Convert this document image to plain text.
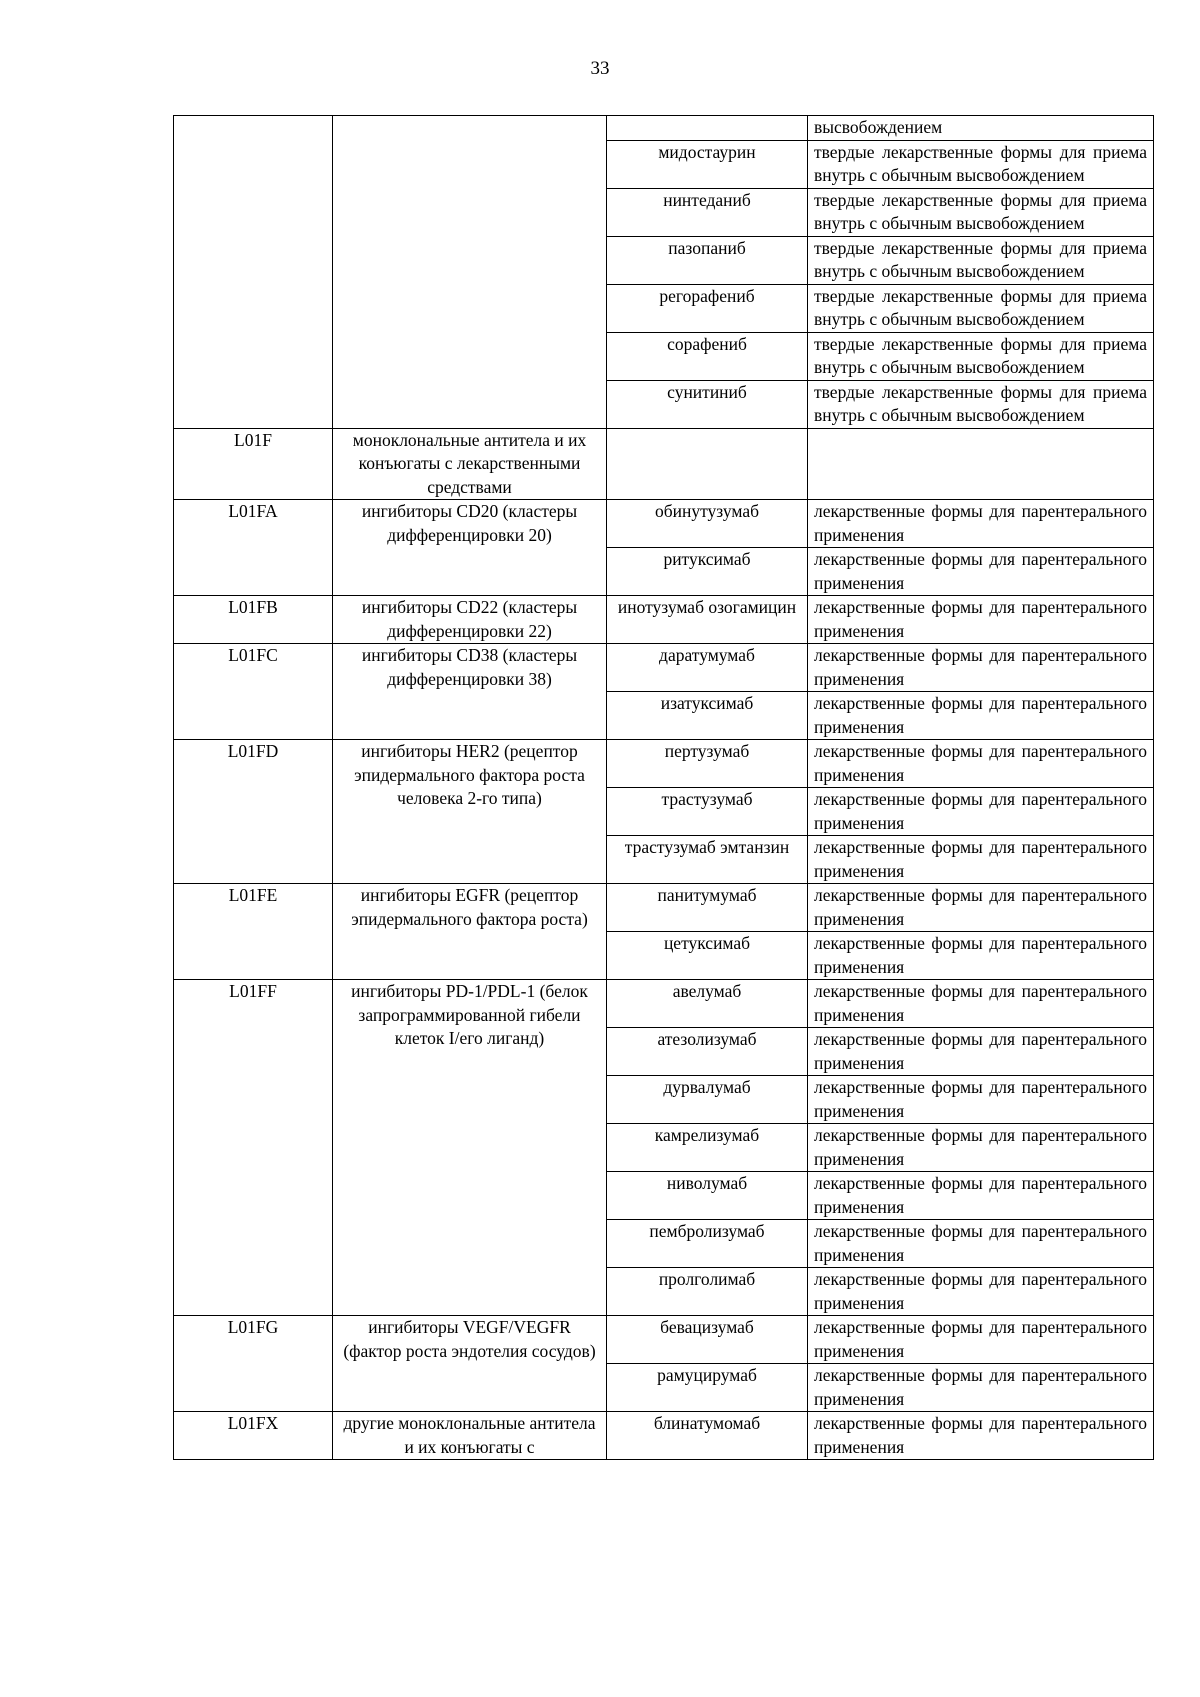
33
			высвобождением
		мидостаурин	твердые лекарственные формы для приема внутрь с обычным высвобождением
		нинтеданиб	твердые лекарственные формы для приема внутрь с обычным высвобождением
		пазопаниб	твердые лекарственные формы для приема внутрь с обычным высвобождением
		регорафениб	твердые лекарственные формы для приема внутрь с обычным высвобождением
		сорафениб	твердые лекарственные формы для приема внутрь с обычным высвобождением
		сунитиниб	твердые лекарственные формы для приема внутрь с обычным высвобождением
L01F	моноклональные антитела и их конъюгаты с лекарственными средствами		
L01FA	ингибиторы CD20 (кластеры дифференцировки 20)	обинутузумаб	лекарственные формы для парентерального применения
		ритуксимаб	лекарственные формы для парентерального применения
L01FB	ингибиторы CD22 (кластеры дифференцировки 22)	инотузумаб озогамицин	лекарственные формы для парентерального применения
L01FC	ингибиторы CD38 (кластеры дифференцировки 38)	даратумумаб	лекарственные формы для парентерального применения
		изатуксимаб	лекарственные формы для парентерального применения
L01FD	ингибиторы HER2 (рецептор эпидермального фактора роста человека 2-го типа)	пертузумаб	лекарственные формы для парентерального применения
		трастузумаб	лекарственные формы для парентерального применения
		трастузумаб эмтанзин	лекарственные формы для парентерального применения
L01FE	ингибиторы EGFR (рецептор эпидермального фактора роста)	панитумумаб	лекарственные формы для парентерального применения
		цетуксимаб	лекарственные формы для парентерального применения
L01FF	ингибиторы PD-1/PDL-1 (белок запрограммированной гибели клеток I/его лиганд)	авелумаб	лекарственные формы для парентерального применения
		атезолизумаб	лекарственные формы для парентерального применения
		дурвалумаб	лекарственные формы для парентерального применения
		камрелизумаб	лекарственные формы для парентерального применения
		ниволумаб	лекарственные формы для парентерального применения
		пембролизумаб	лекарственные формы для парентерального применения
		пролголимаб	лекарственные формы для парентерального применения
L01FG	ингибиторы VEGF/VEGFR (фактор роста эндотелия сосудов)	бевацизумаб	лекарственные формы для парентерального применения
		рамуцирумаб	лекарственные формы для парентерального применения
L01FX	другие моноклональные антитела и их конъюгаты с	блинатумомаб	лекарственные формы для парентерального применения
